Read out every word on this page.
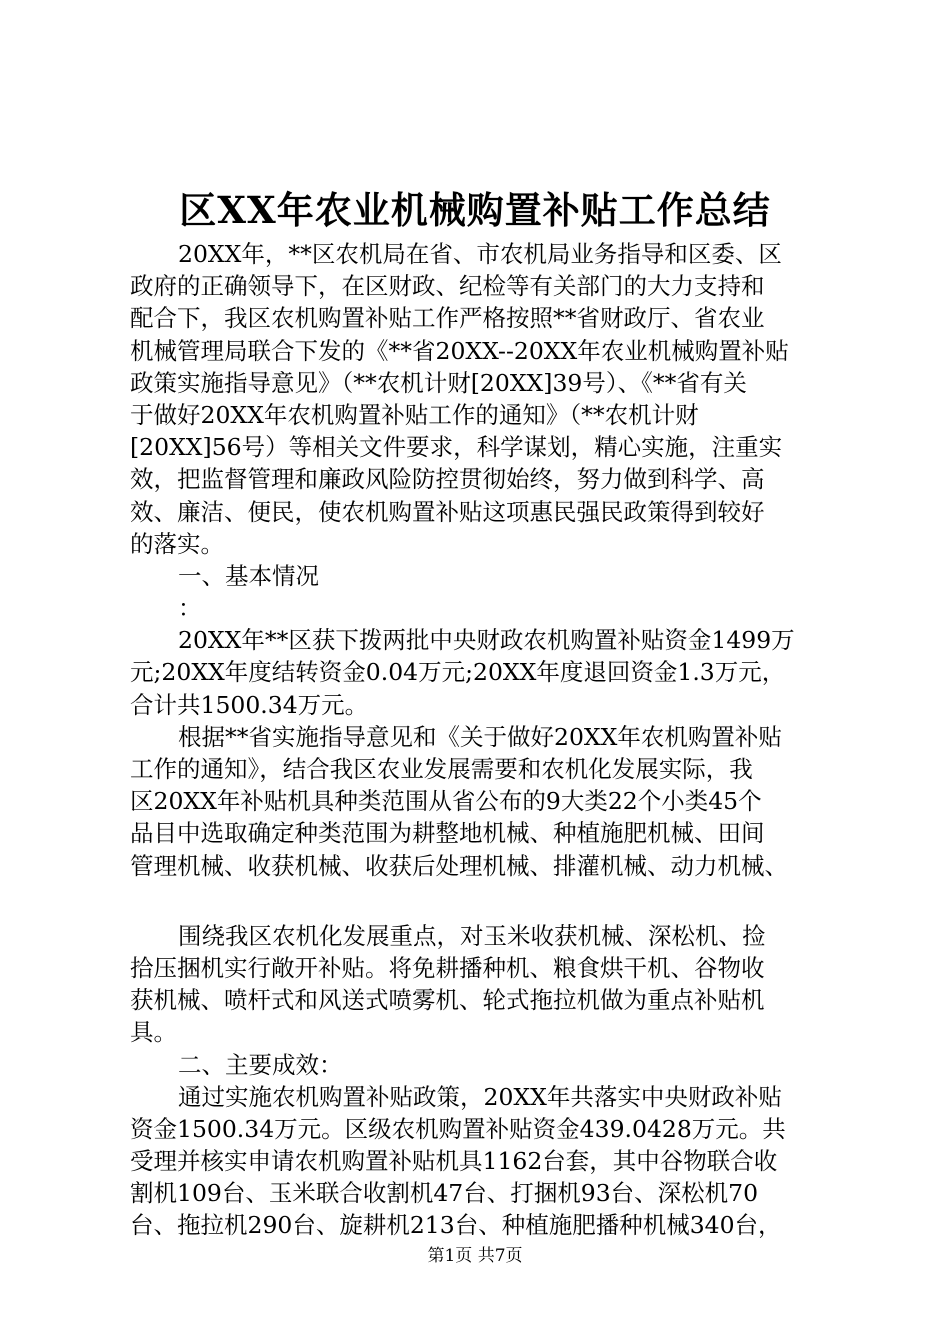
区XX年农业机械购置补贴工作总结
20XX年，**区农机局在省、市农机局业务指导和区委、区
政府的正确领导下，在区财政、纪检等有关部门的大力支持和
配合下，我区农机购置补贴工作严格按照**省财政厅、省农业
机械管理局联合下发的《**省20XX--20XX年农业机械购置补贴
政策实施指导意见》（**农机计财[20XX]39号）、《**省有关
于做好20XX年农机购置补贴工作的通知》（**农机计财
[20XX]56号）等相关文件要求，科学谋划，精心实施，注重实
效，把监督管理和廉政风险防控贯彻始终，努力做到科学、高
效、廉洁、便民，使农机购置补贴这项惠民强民政策得到较好
的落实。
一、基本情况
：
20XX年**区获下拨两批中央财政农机购置补贴资金1499万
元;20XX年度结转资金0.04万元;20XX年度退回资金1.3万元，
合计共1500.34万元。
根据**省实施指导意见和《关于做好20XX年农机购置补贴
工作的通知》，结合我区农业发展需要和农机化发展实际，我
区20XX年补贴机具种类范围从省公布的9大类22个小类45个
品目中选取确定种类范围为耕整地机械、种植施肥机械、田间
管理机械、收获机械、收获后处理机械、排灌机械、动力机械、
围绕我区农机化发展重点，对玉米收获机械、深松机、捡
拾压捆机实行敞开补贴。将免耕播种机、粮食烘干机、谷物收
获机械、喷杆式和风送式喷雾机、轮式拖拉机做为重点补贴机
具。
二、主要成效：
通过实施农机购置补贴政策，20XX年共落实中央财政补贴
资金1500.34万元。区级农机购置补贴资金439.0428万元。共
受理并核实申请农机购置补贴机具1162台套，其中谷物联合收
割机109台、玉米联合收割机47台、打捆机93台、深松机70
台、拖拉机290台、旋耕机213台、种植施肥播种机械340台，
第1页 共7页
